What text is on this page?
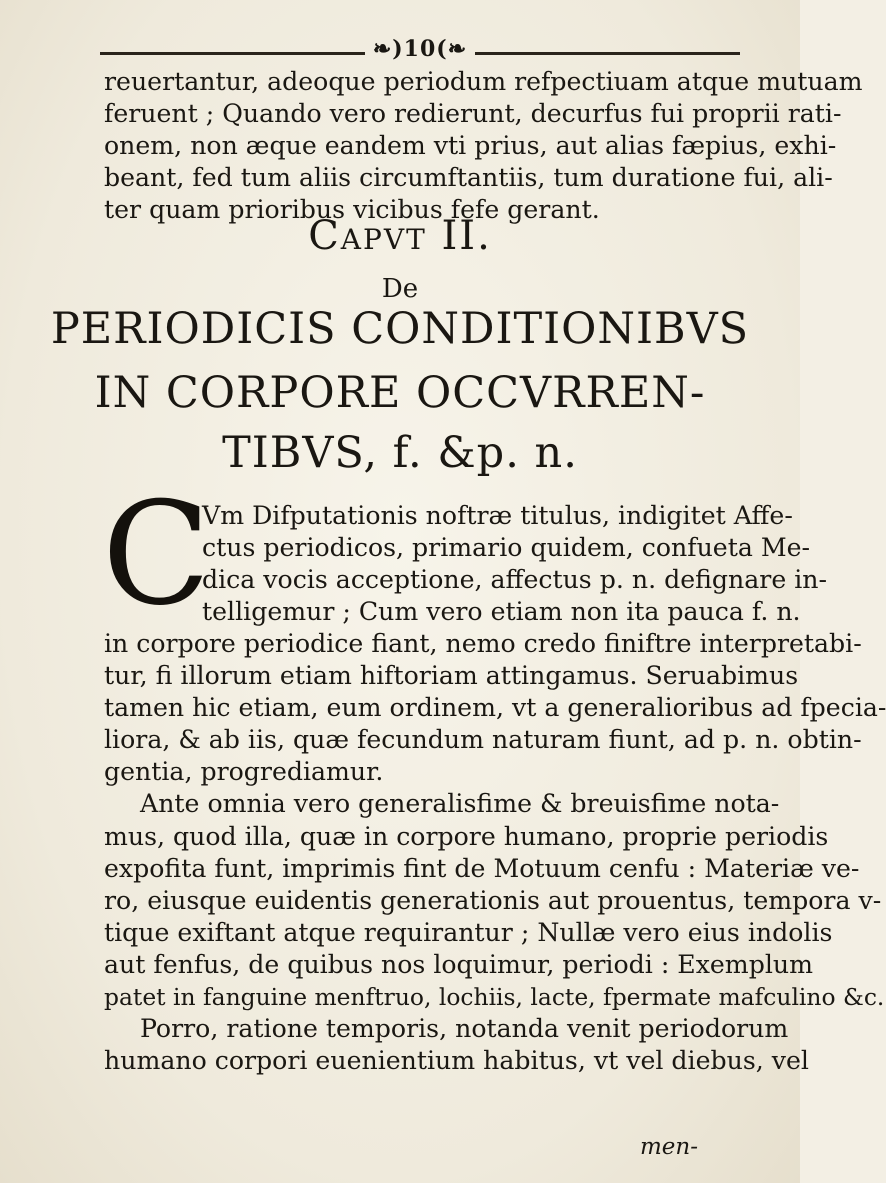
❧)10(❧

reuertantur, adeoque periodum refpectiuam atque mutuam
feruent ; Quando vero redierunt, decurfus fui proprii rati-
onem, non æque eandem vti prius, aut alias fæpius, exhi-
beant, fed tum aliis circumftantiis, tum duratione fui, ali-
ter quam prioribus vicibus fefe gerant.

Capvt II.
De
PERIODICIS CONDITIONIBVS
IN CORPORE OCCVRREN-
TIBVS, f. &p. n.
C

Vm Difputationis noftræ titulus, indigitet Affe-
ctus periodicos, primario quidem, confueta Me-
dica vocis acceptione, affectus p. n. defignare in-
telligemur ; Cum vero etiam non ita pauca f. n.

in corpore periodice fiant, nemo credo finiftre interpretabi-
tur, fi illorum etiam hiftoriam attingamus. Seruabimus
tamen hic etiam, eum ordinem, vt a generalioribus ad fpecia-
liora, & ab iis, quæ fecundum naturam fiunt, ad p. n. obtin-
gentia, progrediamur.
Ante omnia vero generalisfime & breuisfime nota-
mus, quod illa, quæ in corpore humano, proprie periodis
expofita funt, imprimis fint de Motuum cenfu : Materiæ ve-
ro, eiusque euidentis generationis aut prouentus, tempora v-
tique exiftant atque requirantur ; Nullæ vero eius indolis
aut fenfus, de quibus nos loquimur, periodi : Exemplum
patet in fanguine menftruo, lochiis, lacte, fpermate mafculino &c.
Porro, ratione temporis, notanda venit periodorum
humano corpori euenientium habitus, vt vel diebus, vel

men-
